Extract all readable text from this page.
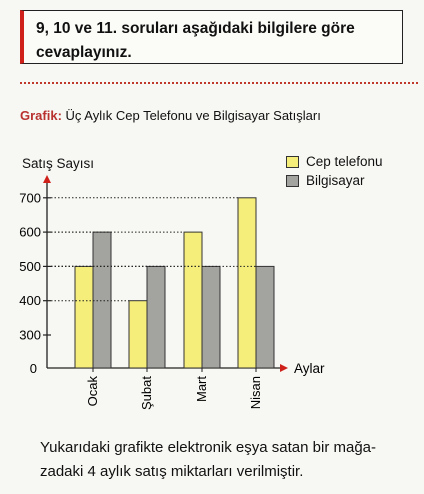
9, 10 ve 11. soruları aşağıdaki bilgilere göre
cevaplayınız.
Grafik: Üç Aylık Cep Telefonu ve Bilgisayar Satışları
Satış Sayısı	Cep telefonu
Bilgisayar
Aylar
0
300
400
500
600
700
Ocak	Şubat	Mart	Nisan
Yukarıdaki grafikte elektronik eşya satan bir mağa-
zadaki 4 aylık satış miktarları verilmiştir.
